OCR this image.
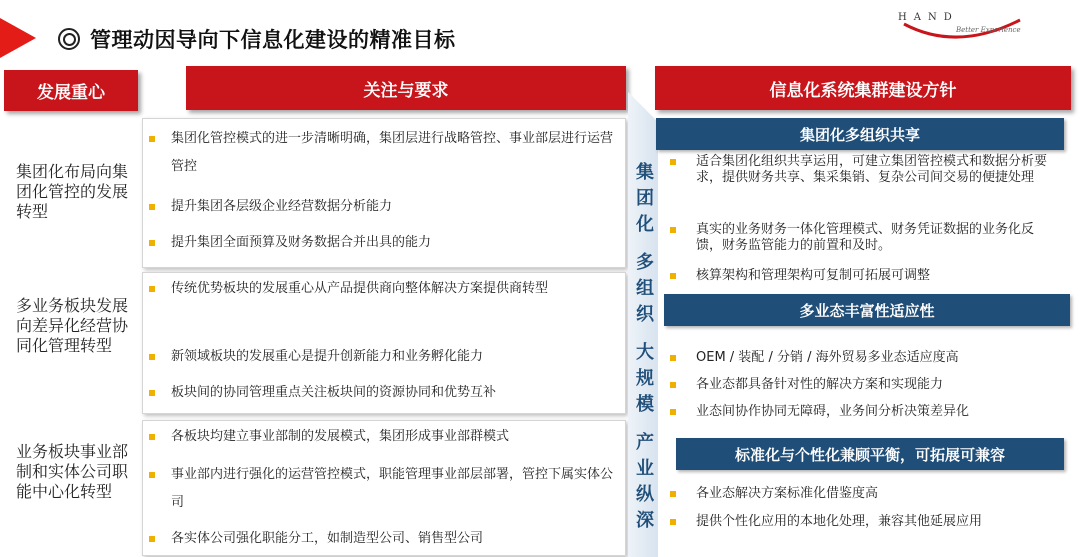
管理动因导向下信息化建设的精准目标
HAND
Better Experience
发展重心	关注与要求	信息化系统集群建设方针
集团化布局向集团化管控的发展转型
多业务板块发展向差异化经营协同化管理转型
业务板块事业部制和实体公司职能中心化转型
集团化管控模式的进一步清晰明确，集团层进行战略管控、事业部层进行运营管控
提升集团各层级企业经营数据分析能力
提升集团全面预算及财务数据合并出具的能力
传统优势板块的发展重心从产品提供商向整体解决方案提供商转型
新领域板块的发展重心是提升创新能力和业务孵化能力
板块间的协同管理重点关注板块间的资源协同和优势互补
各板块均建立事业部制的发展模式，集团形成事业部群模式
事业部内进行强化的运营管控模式，职能管理事业部层部署，管控下属实体公司
各实体公司强化职能分工，如制造型公司、销售型公司
集团化
多组织
大规模
产业纵深
集团化多组织共享
适合集团化组织共享运用，可建立集团管控模式和数据分析要求，提供财务共享、集采集销、复杂公司间交易的便捷处理
真实的业务财务一体化管理模式、财务凭证数据的业务化反馈，财务监管能力的前置和及时。
核算架构和管理架构可复制可拓展可调整
多业态丰富性适应性
OEM / 装配 / 分销 / 海外贸易多业态适应度高
各业态都具备针对性的解决方案和实现能力
业态间协作协同无障碍，业务间分析决策差异化
标准化与个性化兼顾平衡，可拓展可兼容
各业态解决方案标准化借鉴度高
提供个性化应用的本地化处理，兼容其他延展应用
